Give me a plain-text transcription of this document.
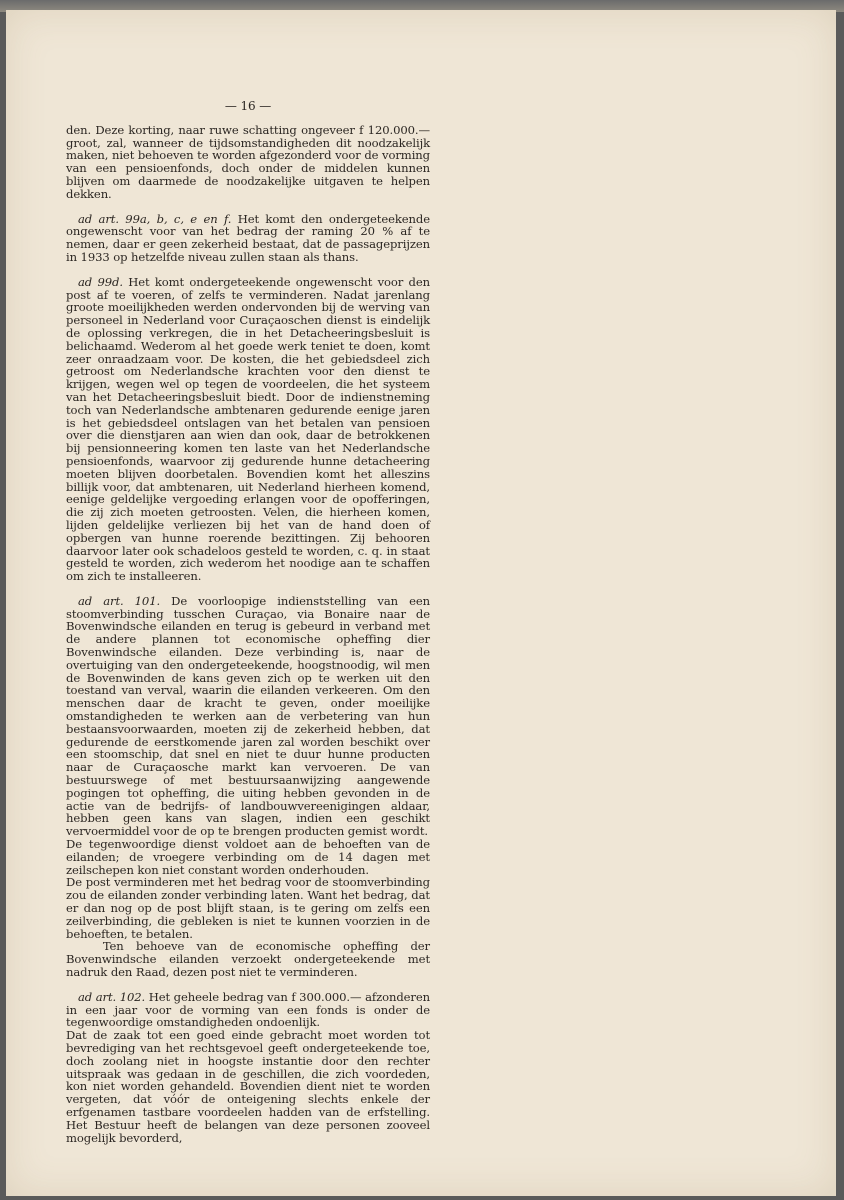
— 16 —

den. Deze korting, naar ruwe schatting ongeveer f 120.000.— groot, zal, wanneer de tijdsomstandigheden dit noodzakelijk maken, niet behoeven te worden afgezonderd voor de vorming van een pensioenfonds, doch onder de middelen kunnen blijven om daarmede de noodzakelijke uitgaven te helpen dekken.

ad art. 99a, b, c, e en f. Het komt den ondergeteekende ongewenscht voor van het bedrag der raming 20 % af te nemen, daar er geen zekerheid bestaat, dat de passageprijzen in 1933 op hetzelfde niveau zullen staan als thans.

ad 99d. Het komt ondergeteekende ongewenscht voor den post af te voeren, of zelfs te verminderen. Nadat jarenlang groote moeilijkheden werden ondervonden bij de werving van personeel in Nederland voor Curaçaoschen dienst is eindelijk de oplossing verkregen, die in het Detacheeringsbesluit is belichaamd. Wederom al het goede werk teniet te doen, komt zeer onraadzaam voor. De kosten, die het gebiedsdeel zich getroost om Nederlandsche krachten voor den dienst te krijgen, wegen wel op tegen de voordeelen, die het systeem van het Detacheeringsbesluit biedt. Door de indienstneming toch van Nederlandsche ambtenaren gedurende eenige jaren is het gebiedsdeel ontslagen van het betalen van pensioen over die dienstjaren aan wien dan ook, daar de betrokkenen bij pensionneering komen ten laste van het Nederlandsche pensioenfonds, waarvoor zij gedurende hunne detacheering moeten blijven doorbetalen. Bovendien komt het alleszins billijk voor, dat ambtenaren, uit Nederland hierheen komend, eenige geldelijke vergoeding erlangen voor de opofferingen, die zij zich moeten getroosten. Velen, die hierheen komen, lijden geldelijke verliezen bij het van de hand doen of opbergen van hunne roerende bezittingen. Zij behooren daarvoor later ook schadeloos gesteld te worden, c. q. in staat gesteld te worden, zich wederom het noodige aan te schaffen om zich te installeeren.

ad art. 101. De voorloopige indienststelling van een stoomverbinding tusschen Curaçao, via Bonaire naar de Bovenwindsche eilanden en terug is gebeurd in verband met de andere plannen tot economische opheffing dier Bovenwindsche eilanden. Deze verbinding is, naar de overtuiging van den ondergeteekende, hoogstnoodig, wil men de Bovenwinden de kans geven zich op te werken uit den toestand van verval, waarin die eilanden verkeeren. Om den menschen daar de kracht te geven, onder moeilijke omstandigheden te werken aan de verbetering van hun bestaansvoorwaarden, moeten zij de zekerheid hebben, dat gedurende de eerstkomende jaren zal worden beschikt over een stoomschip, dat snel en niet te duur hunne producten naar de Curaçaosche markt kan vervoeren. De van bestuurswege of met bestuursaanwijzing aangewende pogingen tot opheffing, die uiting hebben gevonden in de actie van de bedrijfs- of landbouwvereenigingen aldaar, hebben geen kans van slagen, indien een geschikt vervoermiddel voor de op te brengen producten gemist wordt.

De tegenwoordige dienst voldoet aan de behoeften van de eilanden; de vroegere verbinding om de 14 dagen met zeilschepen kon niet constant worden onderhouden.

De post verminderen met het bedrag voor de stoomverbinding zou de eilanden zonder verbinding laten. Want het bedrag, dat er dan nog op de post blijft staan, is te gering om zelfs een zeilverbinding, die gebleken is niet te kunnen voorzien in de behoeften, te betalen.

Ten behoeve van de economische opheffing der Bovenwindsche eilanden verzoekt ondergeteekende met nadruk den Raad, dezen post niet te verminderen.

ad art. 102. Het geheele bedrag van f 300.000.— afzonderen in een jaar voor de vorming van een fonds is onder de tegenwoordige omstandigheden ondoenlijk.

Dat de zaak tot een goed einde gebracht moet worden tot bevrediging van het rechtsgevoel geeft ondergeteekende toe, doch zoolang niet in hoogste instantie door den rechter uitspraak was gedaan in de geschillen, die zich voordeden, kon niet worden gehandeld. Bovendien dient niet te worden vergeten, dat vóór de onteigening slechts enkele der erfgenamen tastbare voordeelen hadden van de erfstelling. Het Bestuur heeft de belangen van deze personen zooveel mogelijk bevorderd,
